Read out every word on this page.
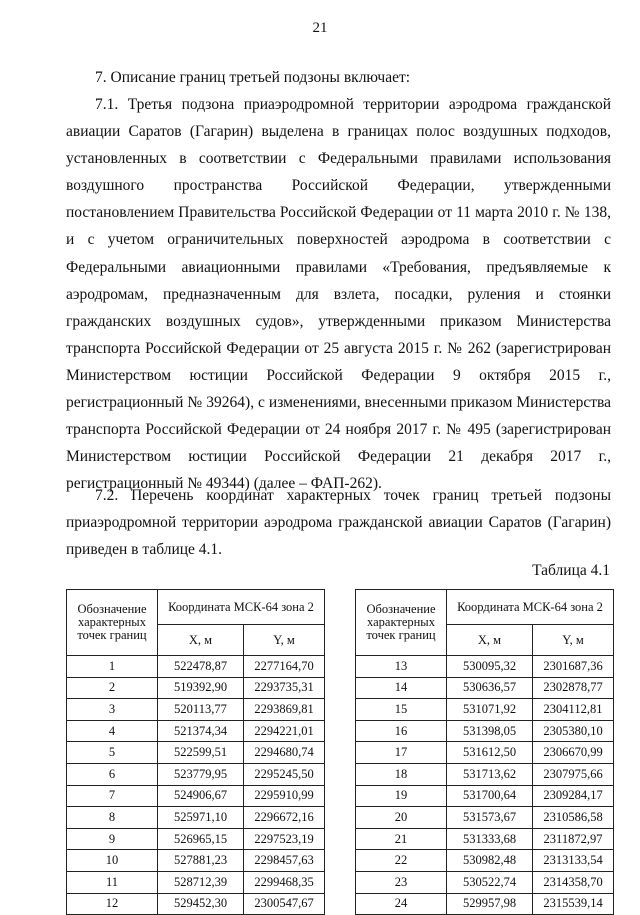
21

7. Описание границ третьей подзоны включает:

7.1. Третья подзона приаэродромной территории аэродрома гражданской авиации Саратов (Гагарин) выделена в границах полос воздушных подходов, установленных в соответствии с Федеральными правилами использования воздушного пространства Российской Федерации, утвержденными постановлением Правительства Российской Федерации от 11 марта 2010 г. № 138, и с учетом ограничительных поверхностей аэродрома в соответствии с Федеральными авиационными правилами «Требования, предъявляемые к аэродромам, предназначенным для взлета, посадки, руления и стоянки гражданских воздушных судов», утвержденными приказом Министерства транспорта Российской Федерации от 25 августа 2015 г. № 262 (зарегистрирован Министерством юстиции Российской Федерации 9 октября 2015 г., регистрационный № 39264), с изменениями, внесенными приказом Министерства транспорта Российской Федерации от 24 ноября 2017 г. № 495 (зарегистрирован Министерством юстиции Российской Федерации 21 декабря 2017 г., регистрационный № 49344) (далее – ФАП-262).

7.2. Перечень координат характерных точек границ третьей подзоны приаэродромной территории аэродрома гражданской авиации Саратов (Гагарин) приведен в таблице 4.1.

Таблица 4.1
Обозначение характерных точек границ	Координата МСК-64 зона 2	
	X, м	Y, м
1	522478,87	2277164,70
2	519392,90	2293735,31
3	520113,77	2293869,81
4	521374,34	2294221,01
5	522599,51	2294680,74
6	523779,95	2295245,50
7	524906,67	2295910,99
8	525971,10	2296672,16
9	526965,15	2297523,19
10	527881,23	2298457,63
11	528712,39	2299468,35
12	529452,30	2300547,67
Обозначение характерных точек границ	Координата МСК-64 зона 2	
	X, м	Y, м
13	530095,32	2301687,36
14	530636,57	2302878,77
15	531071,92	2304112,81
16	531398,05	2305380,10
17	531612,50	2306670,99
18	531713,62	2307975,66
19	531700,64	2309284,17
20	531573,67	2310586,58
21	531333,68	2311872,97
22	530982,48	2313133,54
23	530522,74	2314358,70
24	529957,98	2315539,14
